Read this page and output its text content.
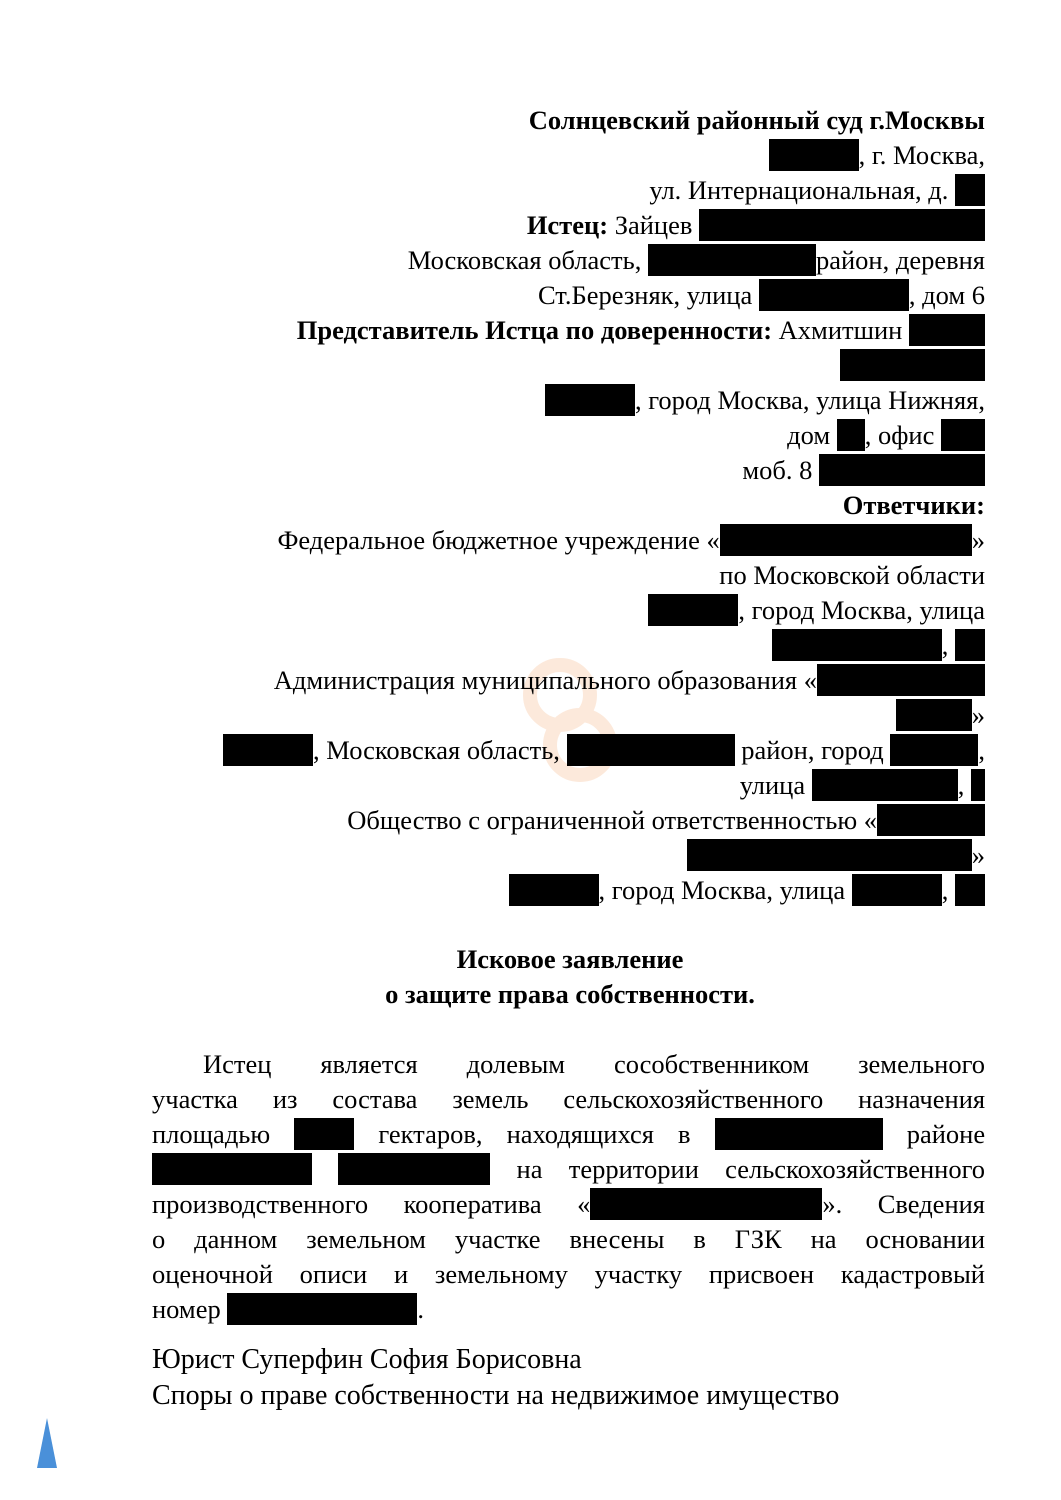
Солнцевский районный суд г.Москвы
, г. Москва,
ул. Интернациональная, д.
Истец: Зайцев
Московская область,	район, деревня
Ст.Березняк, улица	, дом 6
Представитель Истца по доверенности: Ахмитшин
, город Москва, улица Нижняя,
дом , офис
моб. 8
Ответчики:
Федеральное бюджетное учреждение «	»
по Московской области
, город Москва, улица
,
Администрация муниципального образования «
»
, Московская область,	район, город	,
улица	,
Общество с ограниченной ответственностью «
»
, город Москва, улица	,
Исковое заявление
о защите права собственности.
Истец является долевым сособственником земельного
участка из состава земель сельскохозяйственного назначения
площадью	гектаров, находящихся в	районе
на территории сельскохозяйственного
производственного кооператива «	». Сведения
о данном земельном участке внесены в ГЗК на основании
оценочной описи и земельному участку присвоен кадастровый
номер	.
Юрист Суперфин София Борисовна
Споры о праве собственности на недвижимое имущество
